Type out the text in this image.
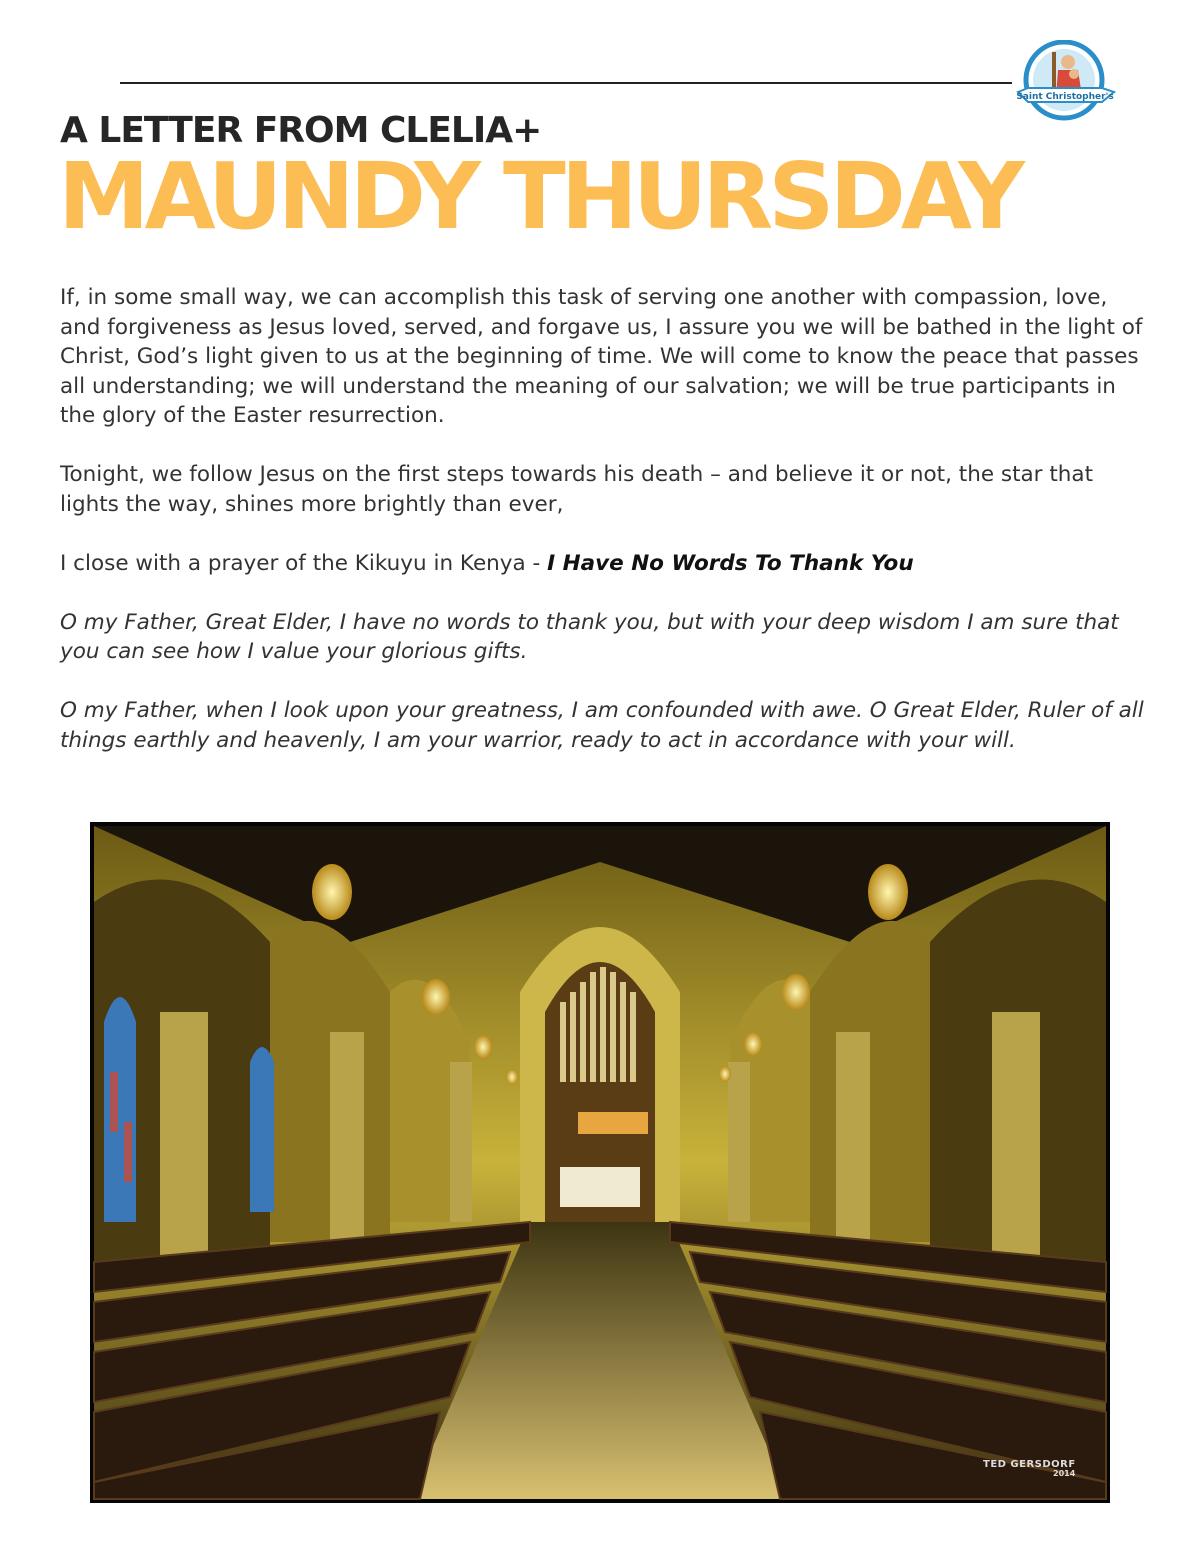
Saint Christopher's
A LETTER FROM CLELIA+
MAUNDY THURSDAY

If, in some small way, we can accomplish this task of serving one another with compassion, love, and forgiveness as Jesus loved, served, and forgave us, I assure you we will be bathed in the light of Christ, God’s light given to us at the beginning of time. We will come to know the peace that passes all understanding; we will understand the meaning of our salvation; we will be true participants in the glory of the Easter resurrection.

Tonight, we follow Jesus on the first steps towards his death – and believe it or not, the star that lights the way, shines more brightly than ever,

I close with a prayer of the Kikuyu in Kenya - I Have No Words To Thank You

O my Father, Great Elder, I have no words to thank you, but with your deep wisdom I am sure that you can see how I value your glorious gifts.

O my Father, when I look upon your greatness, I am confounded with awe. O Great Elder, Ruler of all things earthly and heavenly, I am your warrior, ready to act in accordance with your will.

TED GERSDORF
2014
